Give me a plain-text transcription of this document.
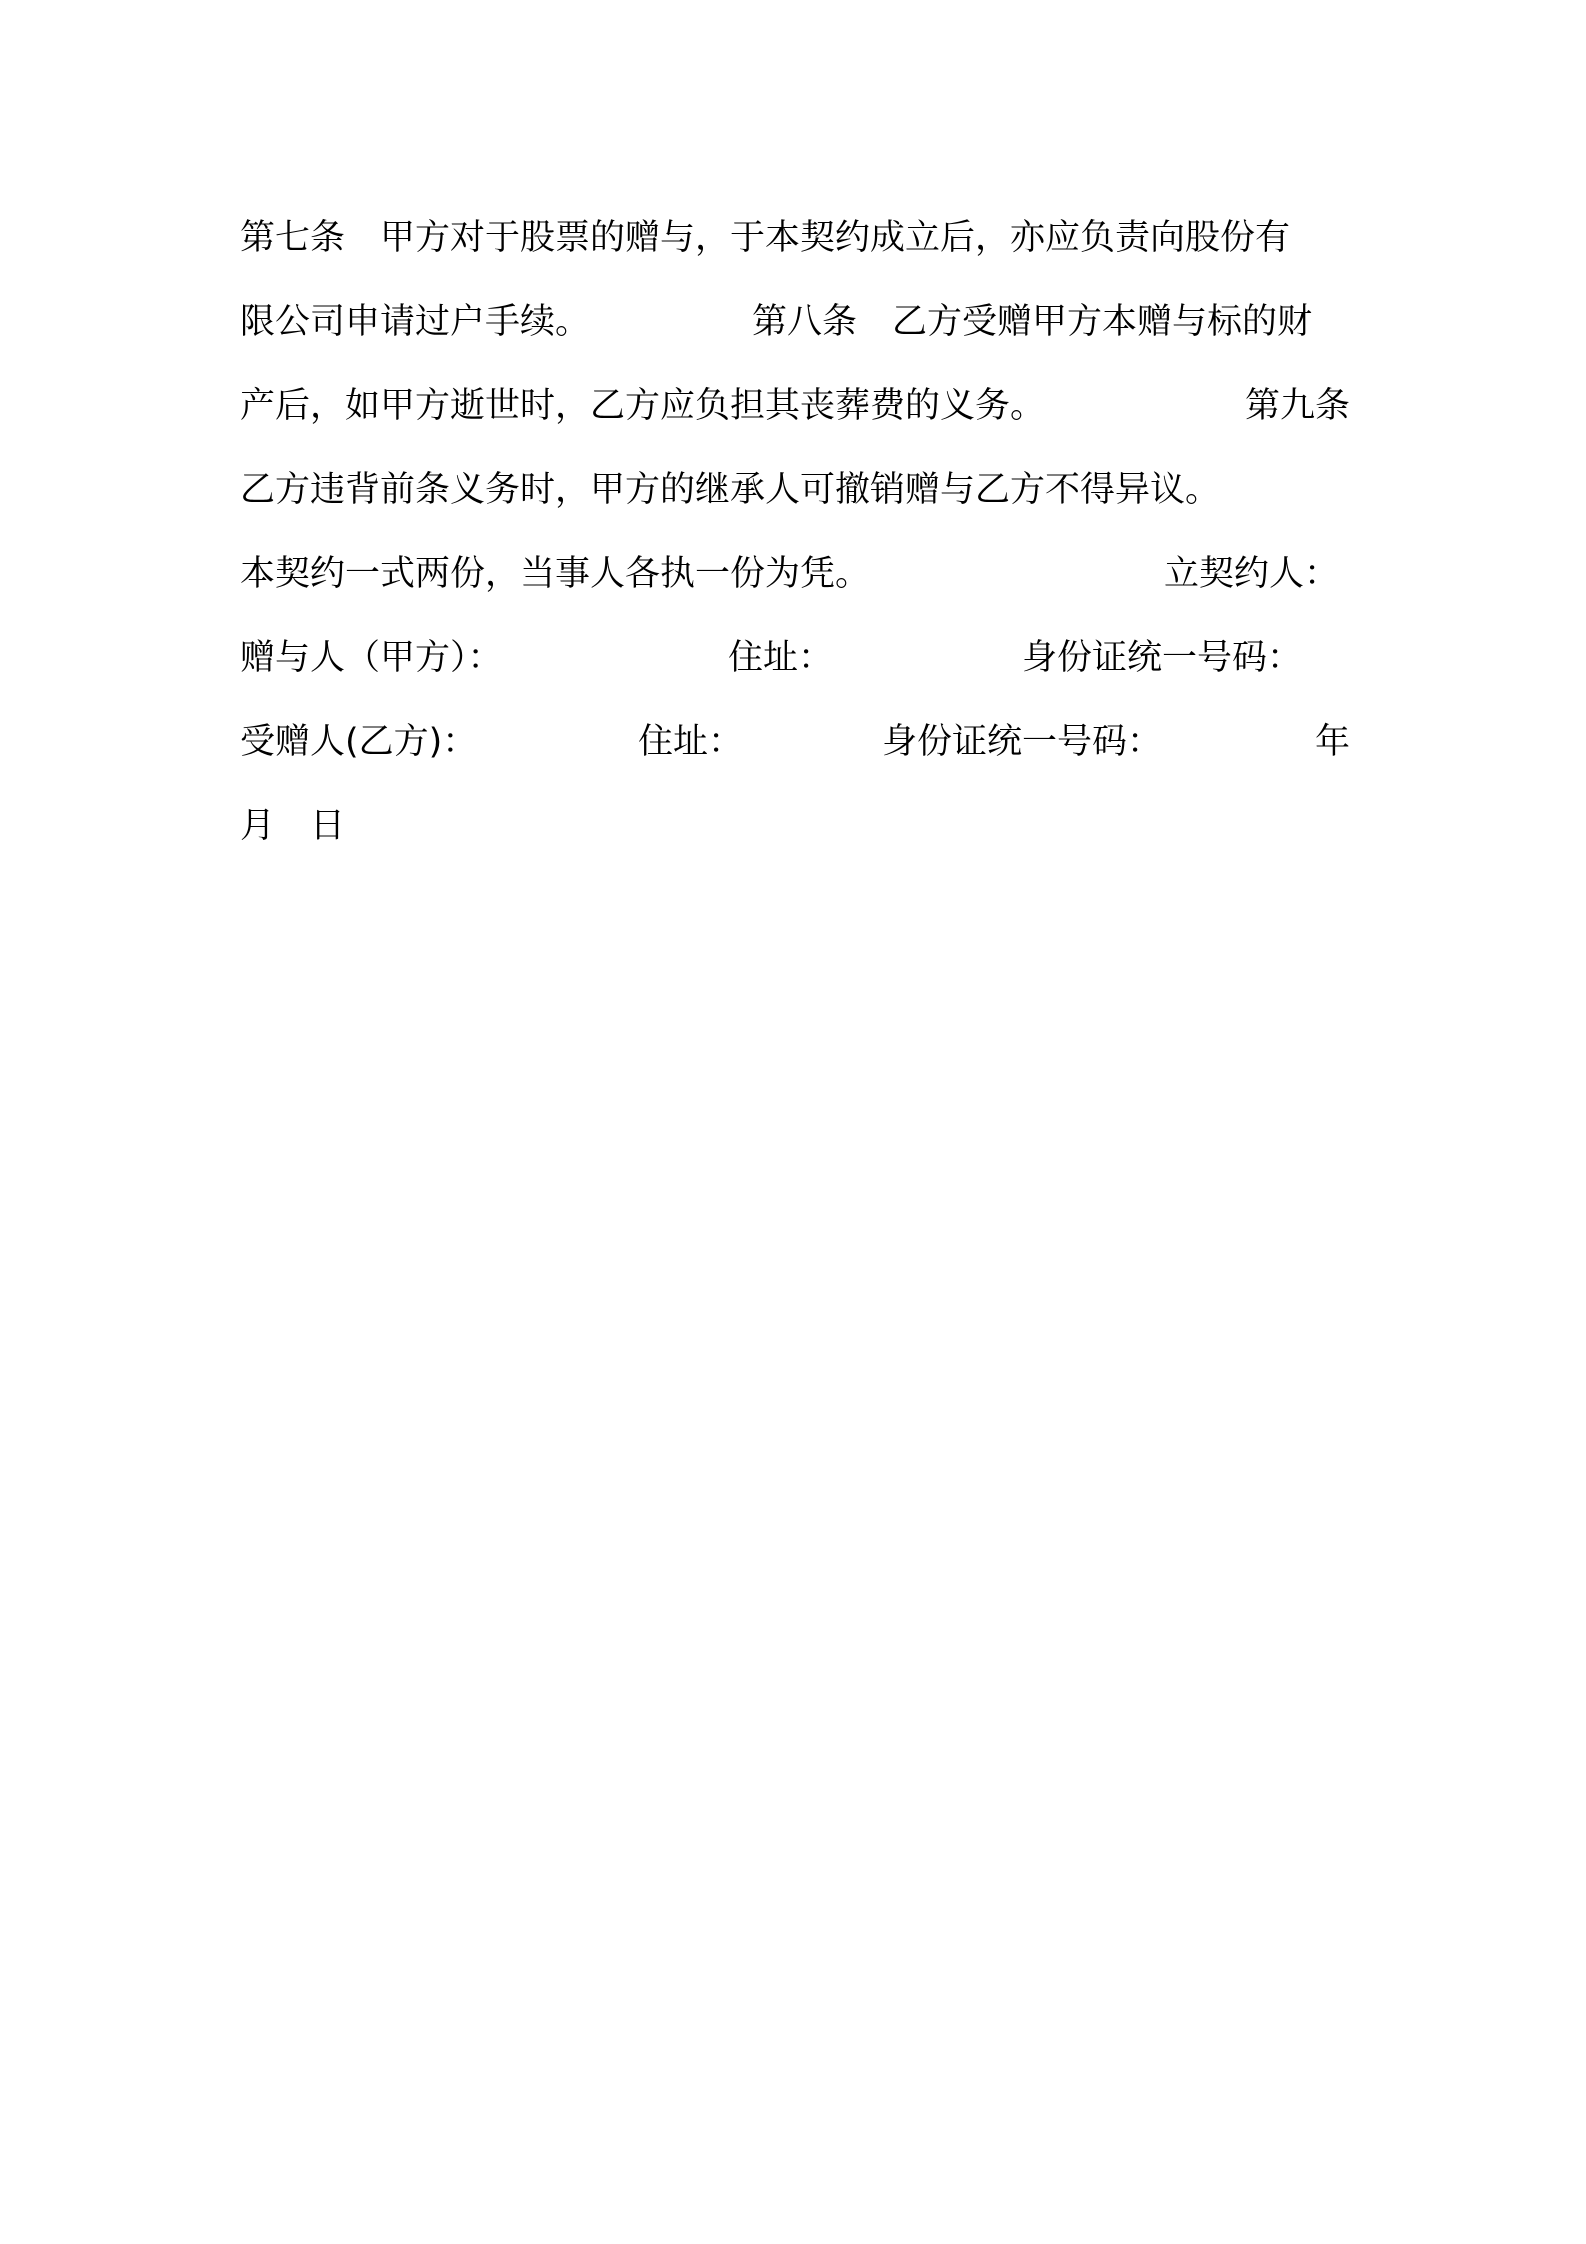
第七条　甲方对于股票的赠与，于本契约成立后，亦应负责向股份有
限公司申请过户手续。	第八条　乙方受赠甲方本赠与标的财
产后，如甲方逝世时，乙方应负担其丧葬费的义务。	第九条
乙方违背前条义务时，甲方的继承人可撤销赠与乙方不得异议。
本契约一式两份，当事人各执一份为凭。	立契约人：
赠与人（甲方）：	住址：	身份证统一号码：
受赠人(乙方)：	住址：	身份证统一号码：	年
月　日
